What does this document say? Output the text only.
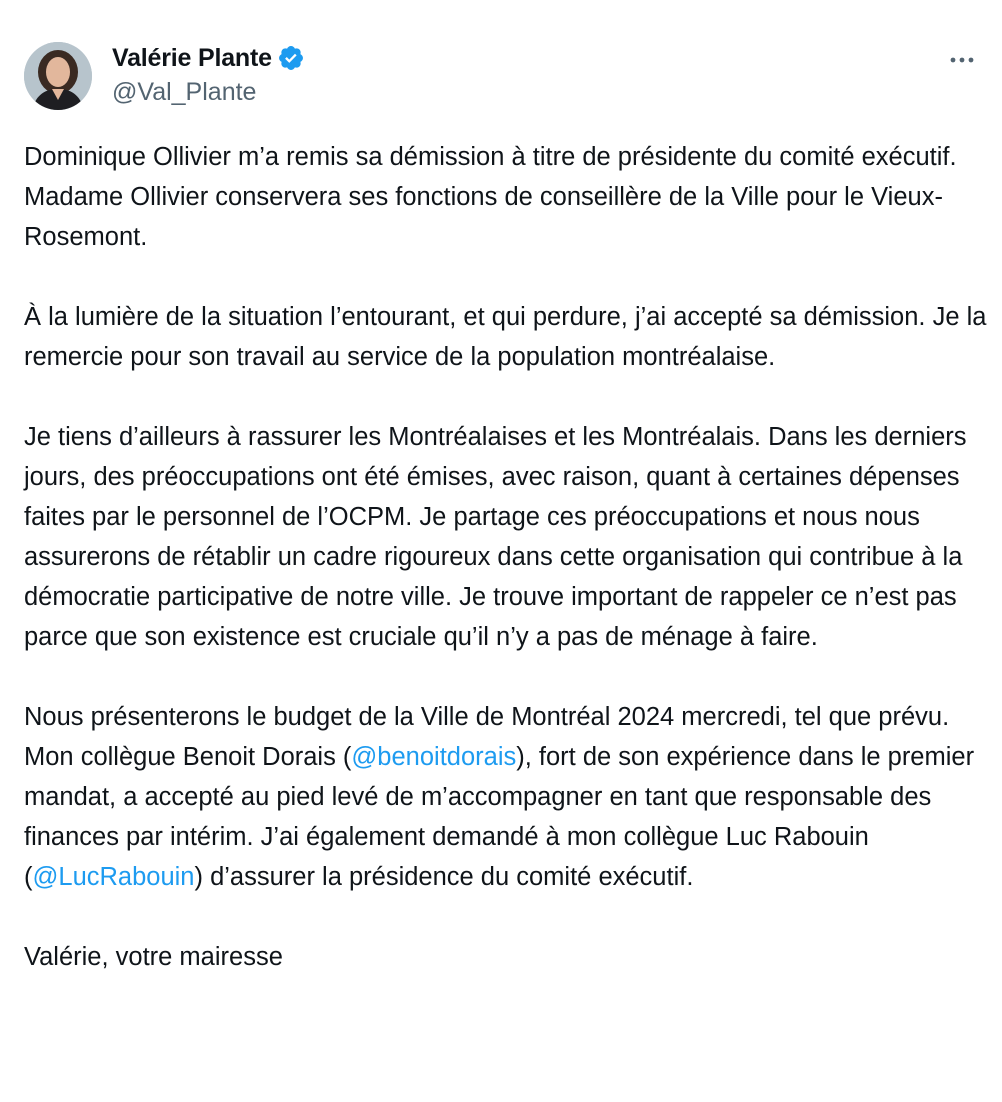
Valérie Plante
@Val_Plante

Dominique Ollivier m’a remis sa démission à titre de présidente du comité exécutif. Madame Ollivier conservera ses fonctions de conseillère de la Ville pour le Vieux-Rosemont.

À la lumière de la situation l’entourant, et qui perdure, j’ai accepté sa démission. Je la remercie pour son travail au service de la population montréalaise.

Je tiens d’ailleurs à rassurer les Montréalaises et les Montréalais. Dans les derniers jours, des préoccupations ont été émises, avec raison, quant à certaines dépenses faites par le personnel de l’OCPM. Je partage ces préoccupations et nous nous assurerons de rétablir un cadre rigoureux dans cette organisation qui contribue à la démocratie participative de notre ville. Je trouve important de rappeler ce n’est pas parce que son existence est cruciale qu’il n’y a pas de ménage à faire.

Nous présenterons le budget de la Ville de Montréal 2024 mercredi, tel que prévu. Mon collègue Benoit Dorais (@benoitdorais), fort de son expérience dans le premier mandat, a accepté au pied levé de m’accompagner en tant que responsable des finances par intérim. J’ai également demandé à mon collègue Luc Rabouin (@LucRabouin) d’assurer la présidence du comité exécutif.

Valérie, votre mairesse
